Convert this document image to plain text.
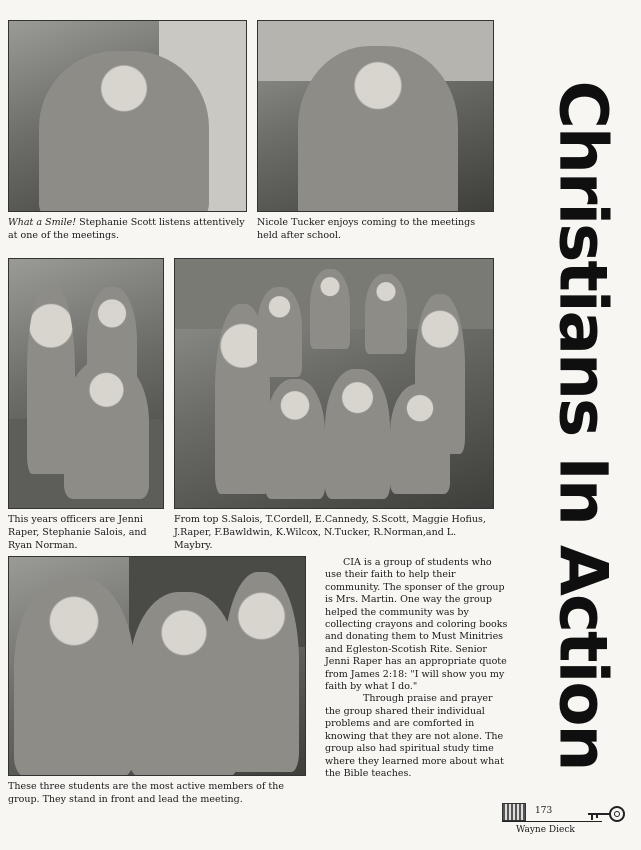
Christians In Action
What a Smile! Stephanie Scott listens attentively at one of the meetings.
Nicole Tucker enjoys coming to the meetings held after school.
This years officers are Jenni Raper, Stephanie Salois, and Ryan Norman.
From top S.Salois, T.Cordell, E.Cannedy, S.Scott, Maggie Hofius, J.Raper, F.Bawldwin, K.Wilcox, N.Tucker, R.Norman,and L. Maybry.
These three students are the most active members of the group. They stand in front and lead the meeting.

CIA is a group of students who use their faith to help their community. The sponser of the group is Mrs. Martin. One way the group helped the community was by collecting crayons and coloring books and donating them to Must Minitries and Egleston-Scotish Rite. Senior Jenni Raper has an appropriate quote from James 2:18: "I will show you my faith by what I do."

Through praise and prayer the group shared their individual problems and are comforted in knowing that they are not alone. The group also had spiritual study time where they learned more about what the Bible teaches.

173
Wayne Dieck
